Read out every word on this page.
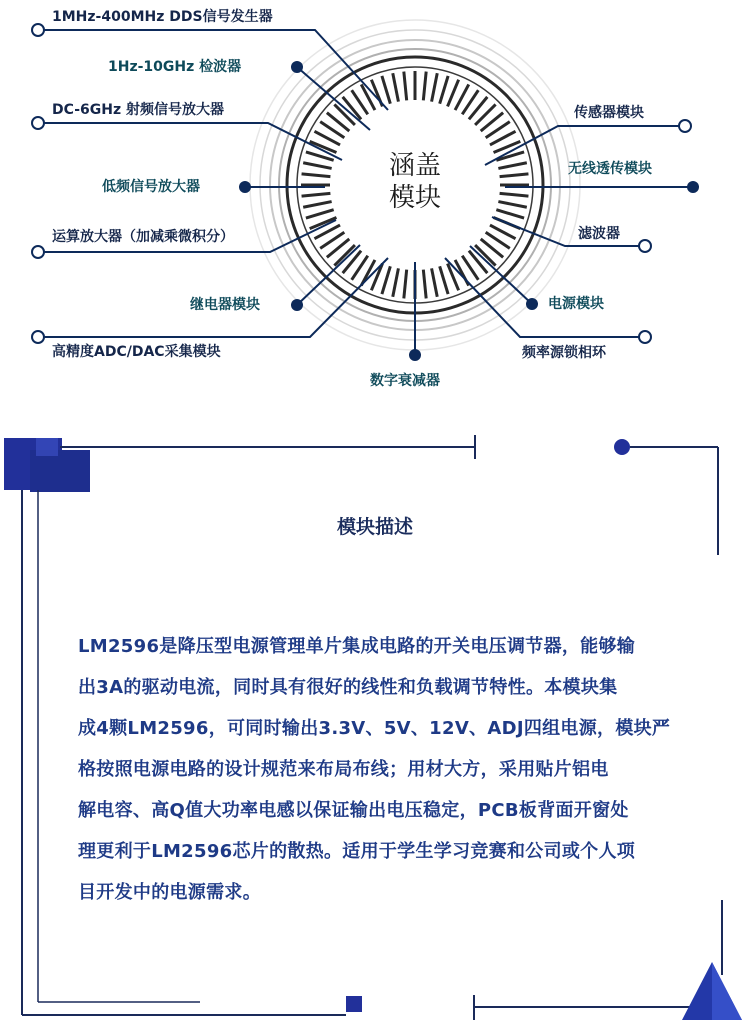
涵盖
模块
1MHz-400MHz DDS信号发生器
1Hz-10GHz 检波器
DC-6GHz 射频信号放大器
低频信号放大器
运算放大器（加减乘微积分）
继电器模块
高精度ADC/DAC采集模块
数字衰减器
传感器模块
无线透传模块
滤波器
电源模块
频率源锁相环
模块描述
LM2596是降压型电源管理单片集成电路的开关电压调节器，能够输
出3A的驱动电流，同时具有很好的线性和负载调节特性。本模块集
成4颗LM2596，可同时输出3.3V、5V、12V、ADJ四组电源，模块严
格按照电源电路的设计规范来布局布线；用材大方，采用贴片铝电
解电容、高Q值大功率电感以保证输出电压稳定，PCB板背面开窗处
理更利于LM2596芯片的散热。适用于学生学习竞赛和公司或个人项
目开发中的电源需求。
